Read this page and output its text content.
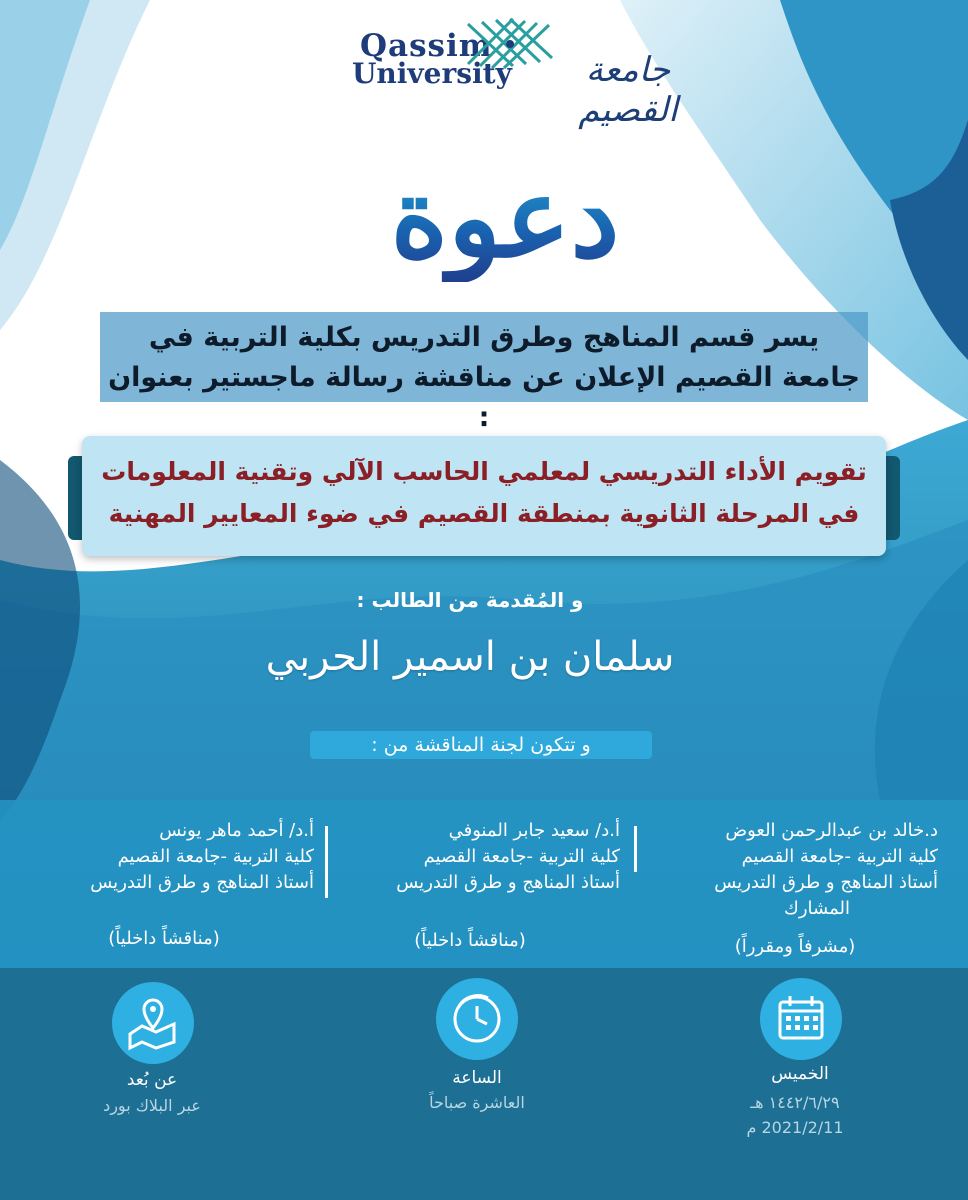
Qassim
University	جامعة القصيم
دعوة
يسر قسم المناهج وطرق التدريس بكلية التربية في
جامعة القصيم الإعلان عن مناقشة رسالة ماجستير بعنوان :
تقويم الأداء التدريسي لمعلمي الحاسب الآلي وتقنية المعلومات
في المرحلة الثانوية بمنطقة القصيم في ضوء المعايير المهنية
و المُقدمة من الطالب :
سلمان بن اسمير الحربي
و تتكون لجنة المناقشة من :
د.خالد بن عبدالرحمن العوض
كلية التربية -جامعة القصيم
أستاذ المناهج و طرق التدريس
المشارك
(مشرفاً ومقرراً)
أ.د/ سعيد جابر المنوفي
كلية التربية -جامعة القصيم
أستاذ المناهج و طرق التدريس
(مناقشاً داخلياً)
أ.د/ أحمد ماهر يونس
كلية التربية -جامعة القصيم
أستاذ المناهج و طرق التدريس
(مناقشاً داخلياً)
الخميس
١٤٤٢/٦/٢٩ هـ
2021/2/11 م
الساعة
العاشرة صباحاً
عن بُعد
عبر البلاك بورد
